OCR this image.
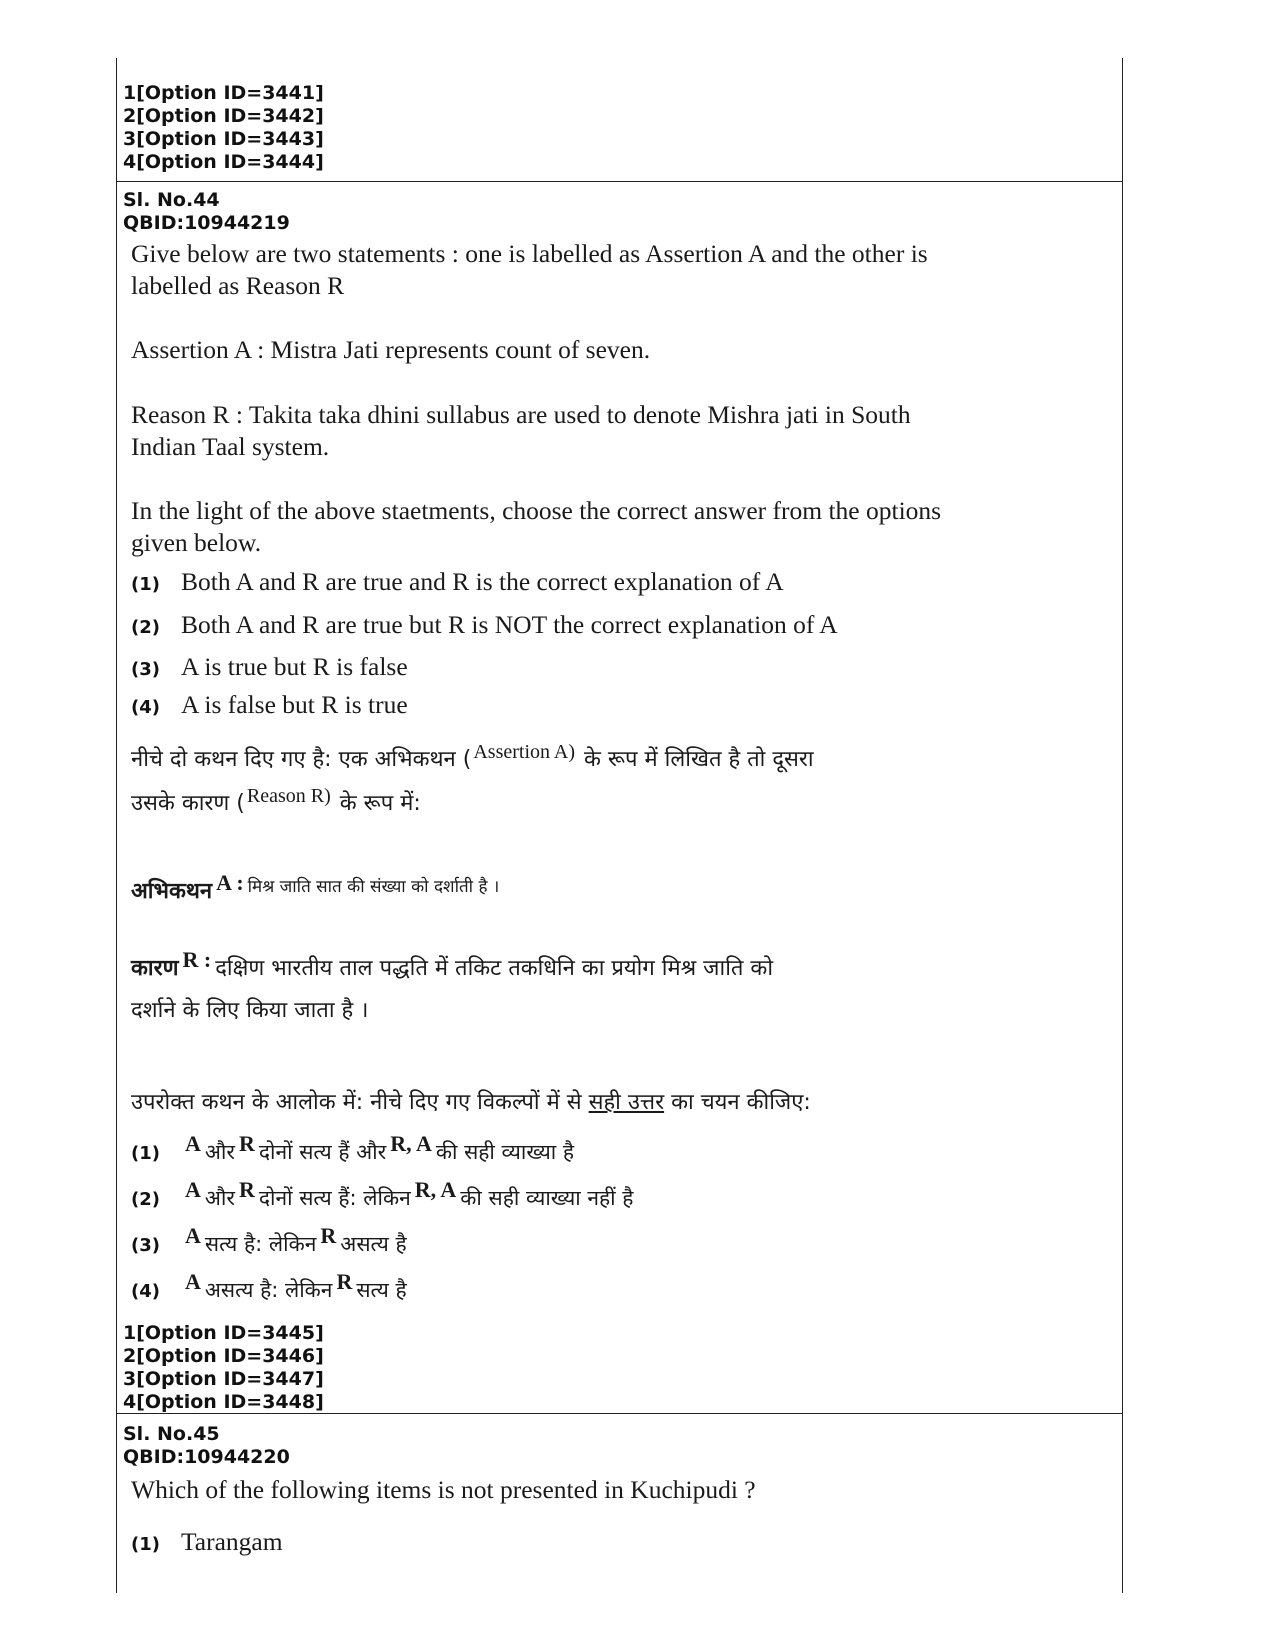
1[Option ID=3441]
2[Option ID=3442]
3[Option ID=3443]
4[Option ID=3444]
Sl. No.44
QBID:10944219
Give below are two statements : one is labelled as Assertion A and the other is
labelled as Reason R
Assertion A : Mistra Jati represents count of seven.
Reason R : Takita taka dhini sullabus are used to denote Mishra jati in South
Indian Taal system.
In the light of the above staetments, choose the correct answer from the options
given below.
(1) Both A and R are true and R is the correct explanation of A
(2) Both A and R are true but R is NOT the correct explanation of A
(3) A is true but R is false
(4) A is false but R is true
नीचे दो कथन दिए गए है: एक अभिकथन ( Assertion A) के रूप में लिखित है तो दूसरा
उसके कारण ( Reason R) के रूप में:
अभिकथन A : $^{मिश्र जाति सात की संख्या को दर्शाती है ।}$
कारण R : दक्षिण भारतीय ताल पद्धति में तकिट तकधिनि का प्रयोग मिश्र जाति को
दर्शाने के लिए किया जाता है ।
उपरोक्त कथन के आलोक में: नीचे दिए गए विकल्पों में से सही उत्तर का चयन कीजिए:
(1)	A और R दोनों सत्य हैं और R, A की सही व्याख्या है
(2)	A और R दोनों सत्य हैं: लेकिन R, A की सही व्याख्या नहीं है
(3)	A सत्य है: लेकिन R असत्य है
(4)	A असत्य है: लेकिन R सत्य है
1[Option ID=3445]
2[Option ID=3446]
3[Option ID=3447]
4[Option ID=3448]
Sl. No.45
QBID:10944220
Which of the following items is not presented in Kuchipudi ?
(1) Tarangam
